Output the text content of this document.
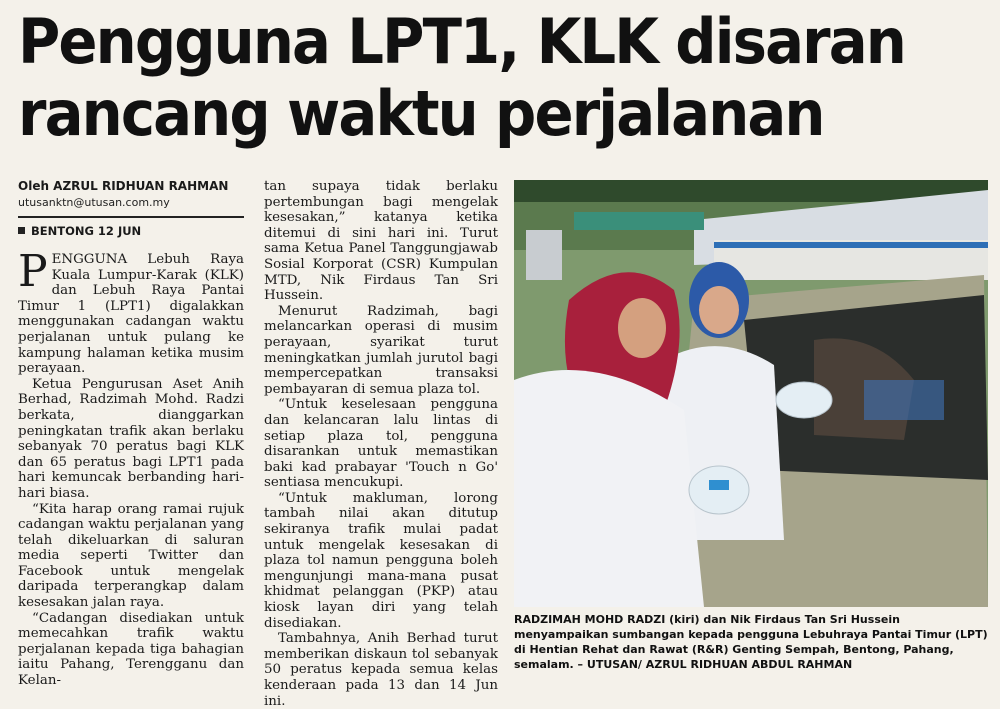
Pengguna LPT1, KLK disaran
rancang waktu perjalanan
Oleh AZRUL RIDHUAN RAHMAN
utusanktn@utusan.com.my
BENTONG 12 JUN

PENGGUNA Lebuh Raya Kuala Lumpur-Karak (KLK) dan Lebuh Raya Pantai Timur 1 (LPT1) digalakkan menggunakan cadangan waktu perjalanan untuk pulang ke kampung halaman ketika musim perayaan.

Ketua Pengurusan Aset Anih Berhad, Radzimah Mohd. Radzi berkata, dianggarkan peningkatan trafik akan berlaku sebanyak 70 peratus bagi KLK dan 65 peratus bagi LPT1 pada hari kemuncak berbanding hari-hari biasa.

“Kita harap orang ramai rujuk cadangan waktu perjalanan yang telah dikeluarkan di saluran media seperti Twitter dan Facebook untuk mengelak daripada terperangkap dalam kesesakan jalan raya.

“Cadangan disediakan untuk memecahkan trafik waktu perjalanan kepada tiga bahagian iaitu Pahang, Terengganu dan Kelan-

tan supaya tidak berlaku pertembungan bagi mengelak kesesakan,” katanya ketika ditemui di sini hari ini. Turut sama Ketua Panel Tanggungjawab Sosial Korporat (CSR) Kumpulan MTD, Nik Firdaus Tan Sri Hussein.

Menurut Radzimah, bagi melancarkan operasi di musim perayaan, syarikat turut meningkatkan jumlah jurutol bagi mempercepatkan transaksi pembayaran di semua plaza tol.

“Untuk keselesaan pengguna dan kelancaran lalu lintas di setiap plaza tol, pengguna disarankan untuk memastikan baki kad prabayar 'Touch n Go' sentiasa mencukupi.

“Untuk makluman, lorong tambah nilai akan ditutup sekiranya trafik mulai padat untuk mengelak kesesakan di plaza tol namun pengguna boleh mengunjungi mana-mana pusat khidmat pelanggan (PKP) atau kiosk layan diri yang telah disediakan.

Tambahnya, Anih Berhad turut memberikan diskaun tol sebanyak 50 peratus kepada semua kelas kenderaan pada 13 dan 14 Jun ini.

RADZIMAH MOHD RADZI (kiri) dan Nik Firdaus Tan Sri Hussein menyampaikan sumbangan kepada pengguna Lebuhraya Pantai Timur (LPT) di Hentian Rehat dan Rawat (R&R) Genting Sempah, Bentong, Pahang, semalam. – UTUSAN/ AZRUL RIDHUAN ABDUL RAHMAN
